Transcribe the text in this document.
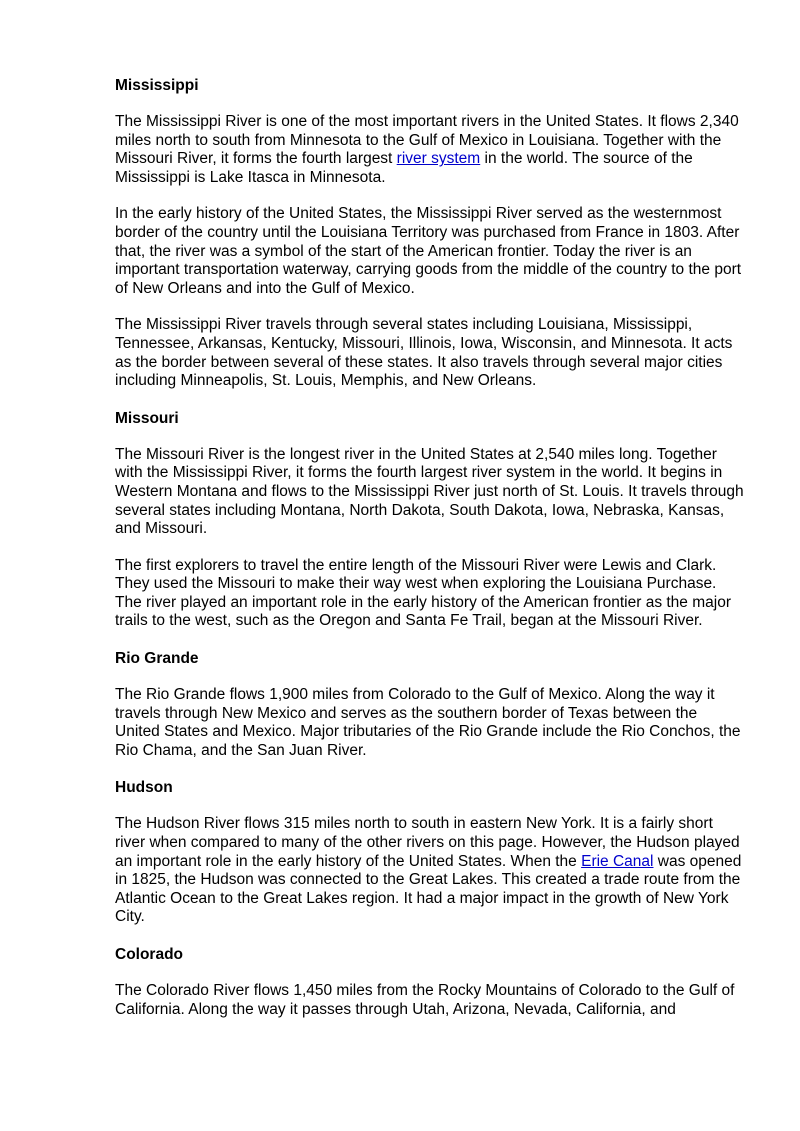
Mississippi

The Mississippi River is one of the most important rivers in the United States. It flows 2,340 miles north to south from Minnesota to the Gulf of Mexico in Louisiana. Together with the Missouri River, it forms the fourth largest river system in the world. The source of the Mississippi is Lake Itasca in Minnesota.

In the early history of the United States, the Mississippi River served as the westernmost border of the country until the Louisiana Territory was purchased from France in 1803. After that, the river was a symbol of the start of the American frontier. Today the river is an important transportation waterway, carrying goods from the middle of the country to the port of New Orleans and into the Gulf of Mexico.

The Mississippi River travels through several states including Louisiana, Mississippi, Tennessee, Arkansas, Kentucky, Missouri, Illinois, Iowa, Wisconsin, and Minnesota. It acts as the border between several of these states. It also travels through several major cities including Minneapolis, St. Louis, Memphis, and New Orleans.

Missouri

The Missouri River is the longest river in the United States at 2,540 miles long. Together with the Mississippi River, it forms the fourth largest river system in the world. It begins in Western Montana and flows to the Mississippi River just north of St. Louis. It travels through several states including Montana, North Dakota, South Dakota, Iowa, Nebraska, Kansas, and Missouri.

The first explorers to travel the entire length of the Missouri River were Lewis and Clark. They used the Missouri to make their way west when exploring the Louisiana Purchase. The river played an important role in the early history of the American frontier as the major trails to the west, such as the Oregon and Santa Fe Trail, began at the Missouri River.

Rio Grande

The Rio Grande flows 1,900 miles from Colorado to the Gulf of Mexico. Along the way it travels through New Mexico and serves as the southern border of Texas between the United States and Mexico. Major tributaries of the Rio Grande include the Rio Conchos, the Rio Chama, and the San Juan River.

Hudson

The Hudson River flows 315 miles north to south in eastern New York. It is a fairly short river when compared to many of the other rivers on this page. However, the Hudson played an important role in the early history of the United States. When the Erie Canal was opened in 1825, the Hudson was connected to the Great Lakes. This created a trade route from the Atlantic Ocean to the Great Lakes region. It had a major impact in the growth of New York City.

Colorado

The Colorado River flows 1,450 miles from the Rocky Mountains of Colorado to the Gulf of California. Along the way it passes through Utah, Arizona, Nevada, California, and
